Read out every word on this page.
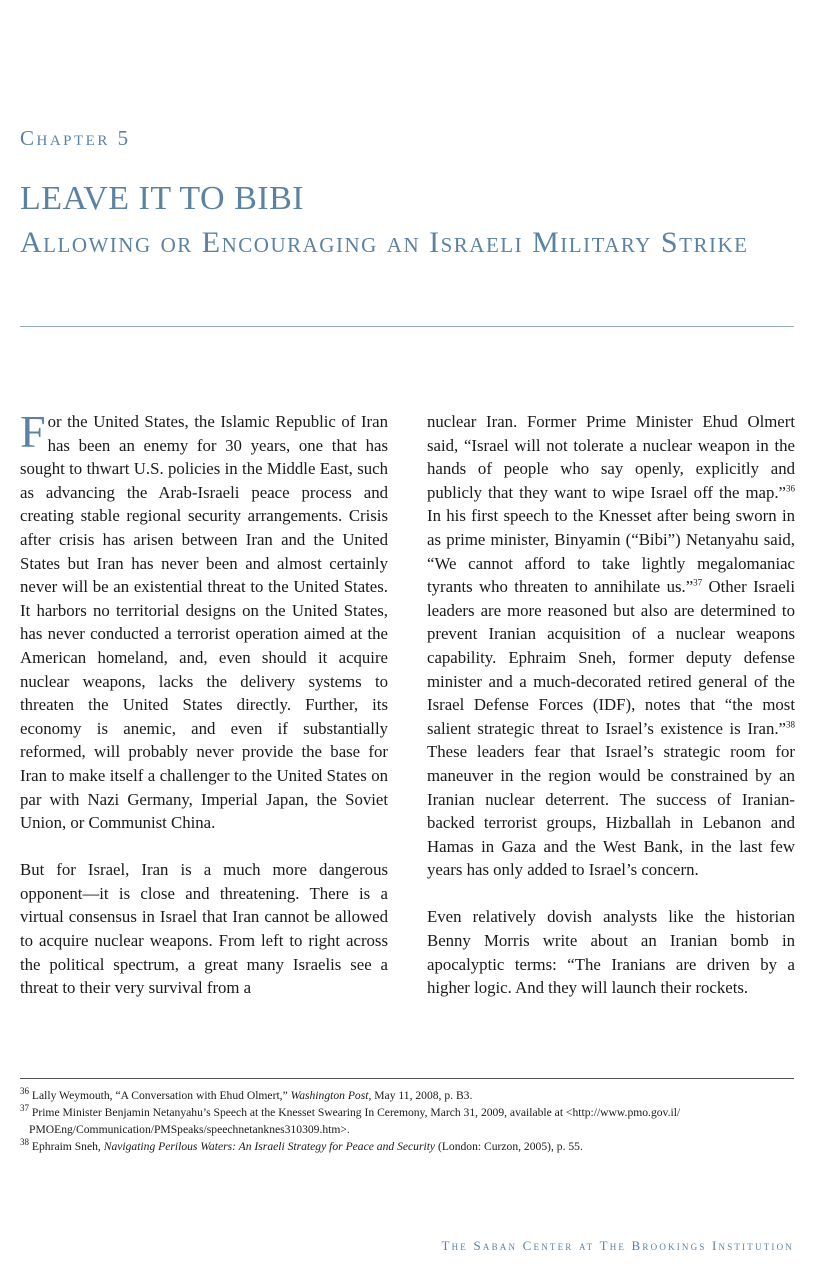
Chapter 5
LEAVE IT TO BIBI
Allowing or Encouraging an Israeli Military Strike

For the United States, the Islamic Republic of Iran has been an enemy for 30 years, one that has sought to thwart U.S. policies in the Middle East, such as advancing the Arab-Israeli peace process and creating stable regional security arrangements. Crisis after crisis has arisen between Iran and the United States but Iran has never been and almost certainly never will be an existential threat to the United States. It harbors no territorial designs on the United States, has never conducted a terrorist operation aimed at the American homeland, and, even should it acquire nuclear weapons, lacks the delivery systems to threaten the United States directly. Further, its economy is anemic, and even if substantially reformed, will probably never provide the base for Iran to make itself a challenger to the United States on par with Nazi Germany, Imperial Japan, the Soviet Union, or Communist China.

But for Israel, Iran is a much more dangerous opponent—it is close and threatening. There is a virtual consensus in Israel that Iran cannot be allowed to acquire nuclear weapons. From left to right across the political spectrum, a great many Israelis see a threat to their very survival from a

nuclear Iran. Former Prime Minister Ehud Olmert said, “Israel will not tolerate a nuclear weapon in the hands of people who say openly, explicitly and publicly that they want to wipe Israel off the map.”$^{36}$ In his first speech to the Knesset after being sworn in as prime minister, Binyamin (“Bibi”) Netanyahu said, “We cannot afford to take lightly megalomaniac tyrants who threaten to annihilate us.”$^{37}$ Other Israeli leaders are more reasoned but also are determined to prevent Iranian acquisition of a nuclear weapons capability. Ephraim Sneh, former deputy defense minister and a much-decorated retired general of the Israel Defense Forces (IDF), notes that “the most salient strategic threat to Israel’s existence is Iran.”$^{38}$ These leaders fear that Israel’s strategic room for maneuver in the region would be constrained by an Iranian nuclear deterrent. The success of Iranian-backed terrorist groups, Hizballah in Lebanon and Hamas in Gaza and the West Bank, in the last few years has only added to Israel’s concern.

Even relatively dovish analysts like the historian Benny Morris write about an Iranian bomb in apocalyptic terms: “The Iranians are driven by a higher logic. And they will launch their rockets.

$^{36}$ Lally Weymouth, “A Conversation with Ehud Olmert,” Washington Post, May 11, 2008, p. B3.

$^{37}$ Prime Minister Benjamin Netanyahu’s Speech at the Knesset Swearing In Ceremony, March 31, 2009, available at <http://www.pmo.gov.il/
PMOEng/Communication/PMSpeaks/speechnetanknes310309.htm>.

$^{38}$ Ephraim Sneh, Navigating Perilous Waters: An Israeli Strategy for Peace and Security (London: Curzon, 2005), p. 55.

The Saban Center at The Brookings Institution
